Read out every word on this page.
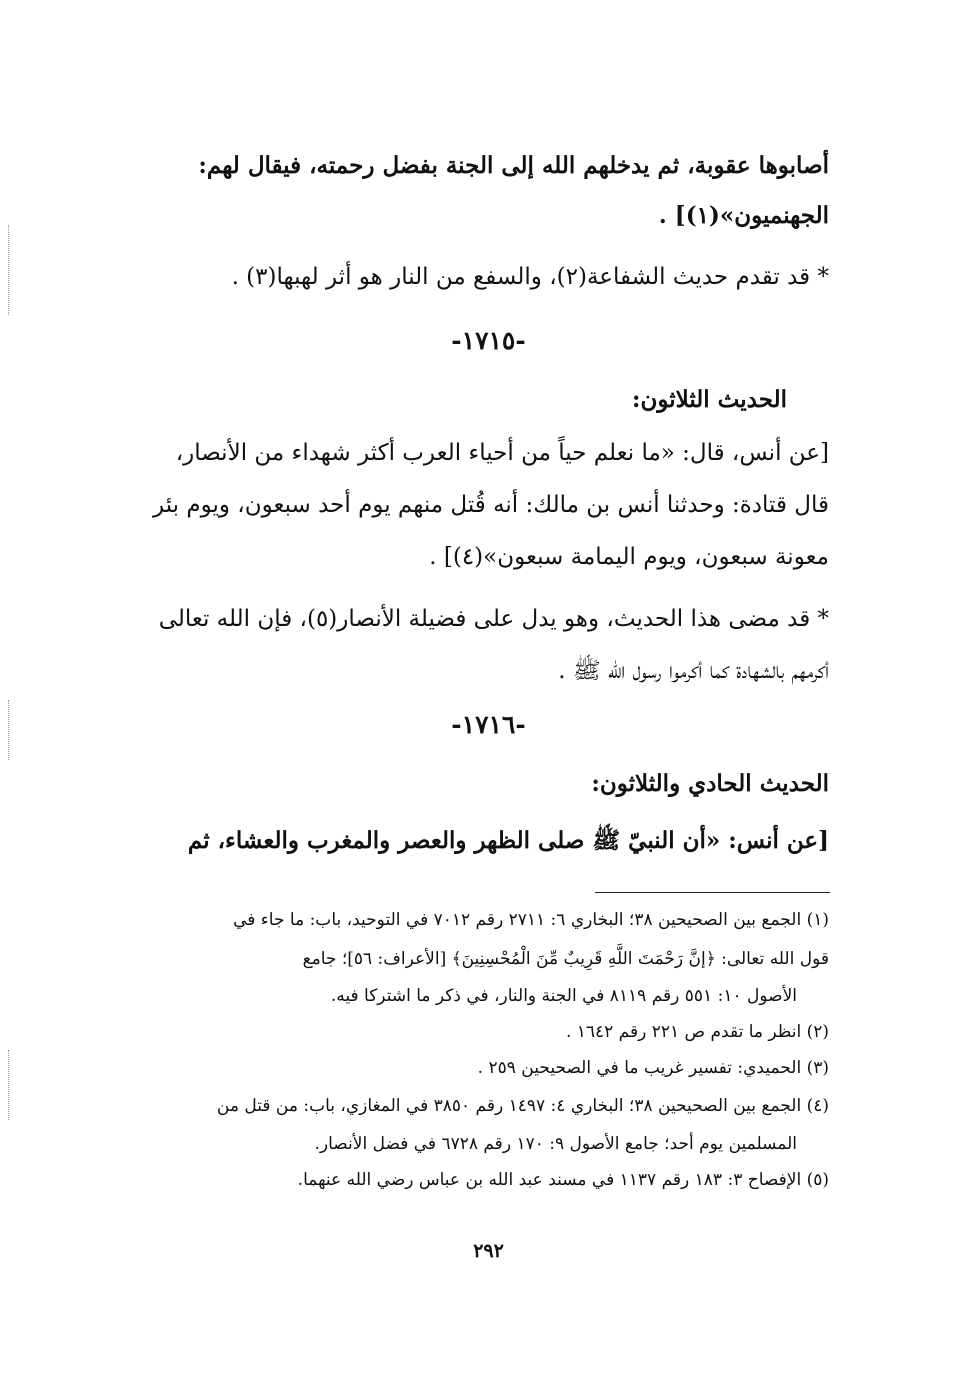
أصابوها عقوبة، ثم يدخلهم الله إلى الجنة بفضل رحمته، فيقال لهم:
الجهنميون»(١)] .
* قد تقدم حديث الشفاعة(٢)، والسفع من النار هو أثر لهبها(٣) .
-١٧١٥-
الحديث الثلاثون:
[عن أنس، قال: «ما نعلم حياً من أحياء العرب أكثر شهداء من الأنصار،
قال قتادة: وحدثنا أنس بن مالك: أنه قُتل منهم يوم أحد سبعون، ويوم بئر
معونة سبعون، ويوم اليمامة سبعون»(٤)] .
* قد مضى هذا الحديث، وهو يدل على فضيلة الأنصار(٥)، فإن الله تعالى
أكرمهم بالشهادة كما أكرموا رسول الله ﷺ .
-١٧١٦-
الحديث الحادي والثلاثون:
[عن أنس: «أن النبيّ ﷺ صلى الظهر والعصر والمغرب والعشاء، ثم
(١) الجمع بين الصحيحين ٣٨؛ البخاري ٦: ٢٧١١ رقم ٧٠١٢ في التوحيد، باب: ما جاء في
قول الله تعالى: ﴿إنَّ رَحْمَتَ اللَّهِ قَرِيبٌ مِّنَ الْمُحْسِنِينَ﴾ [الأعراف: ٥٦]؛ جامع
الأصول ١٠: ٥٥١ رقم ٨١١٩ في الجنة والنار، في ذكر ما اشتركا فيه.
(٢) انظر ما تقدم ص ٢٢١ رقم ١٦٤٢ .
(٣) الحميدي: تفسير غريب ما في الصحيحين ٢٥٩ .
(٤) الجمع بين الصحيحين ٣٨؛ البخاري ٤: ١٤٩٧ رقم ٣٨٥٠ في المغازي، باب: من قتل من
المسلمين يوم أحد؛ جامع الأصول ٩: ١٧٠ رقم ٦٧٢٨ في فضل الأنصار.
(٥) الإفصاح ٣: ١٨٣ رقم ١١٣٧ في مسند عبد الله بن عباس رضي الله عنهما.
٢٩٢
